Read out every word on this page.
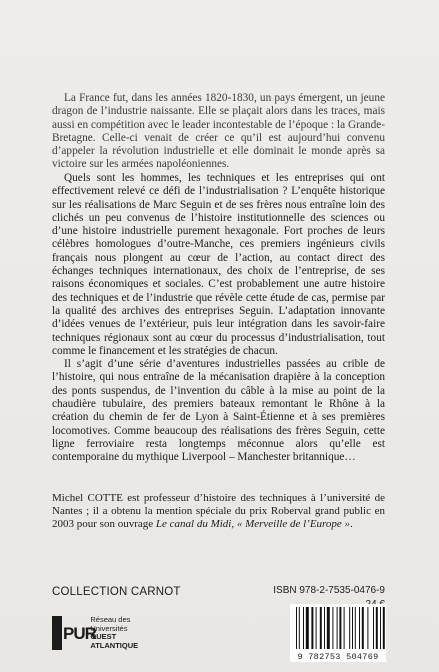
La France fut, dans les années 1820-1830, un pays émergent, un jeune dragon de l’industrie naissante. Elle se plaçait alors dans les traces, mais aussi en compétition avec le leader incontestable de l’époque : la Grande-Bretagne. Celle-ci venait de créer ce qu’il est aujourd’hui convenu d’appeler la révolution industrielle et elle dominait le monde après sa victoire sur les armées napoléoniennes.

Quels sont les hommes, les techniques et les entreprises qui ont effectivement relevé ce défi de l’industrialisation ? L’enquête historique sur les réalisations de Marc Seguin et de ses frères nous entraîne loin des clichés un peu convenus de l’histoire institutionnelle des sciences ou d’une histoire industrielle purement hexagonale. Fort proches de leurs célèbres homologues d’outre-Manche, ces premiers ingénieurs civils français nous plongent au cœur de l’action, au contact direct des échanges techniques internationaux, des choix de l’entreprise, de ses raisons économiques et sociales. C’est probablement une autre histoire des techniques et de l’industrie que révèle cette étude de cas, permise par la qualité des archives des entreprises Seguin. L’adaptation innovante d’idées venues de l’extérieur, puis leur intégration dans les savoir-faire techniques régionaux sont au cœur du processus d’industrialisation, tout comme le financement et les stratégies de chacun.

Il s’agit d’une série d’aventures industrielles passées au crible de l’histoire, qui nous entraîne de la mécanisation drapière à la conception des ponts suspendus, de l’invention du câble à la mise au point de la chaudière tubulaire, des premiers bateaux remontant le Rhône à la création du chemin de fer de Lyon à Saint-Étienne et à ses premières locomotives. Comme beaucoup des réalisations des frères Seguin, cette ligne ferroviaire resta longtemps méconnue alors qu’elle est contemporaine du mythique Liverpool – Manchester britannique…

Michel COTTE est professeur d’histoire des techniques à l’université de Nantes ; il a obtenu la mention spéciale du prix Roberval grand public en 2003 pour son ouvrage Le canal du Midi, « Merveille de l’Europe ».

COLLECTION CARNOT	ISBN 978-2-7535-0476-9
PUR
Réseau des Universités
OUEST ATLANTIQUE
9 782753 504769
